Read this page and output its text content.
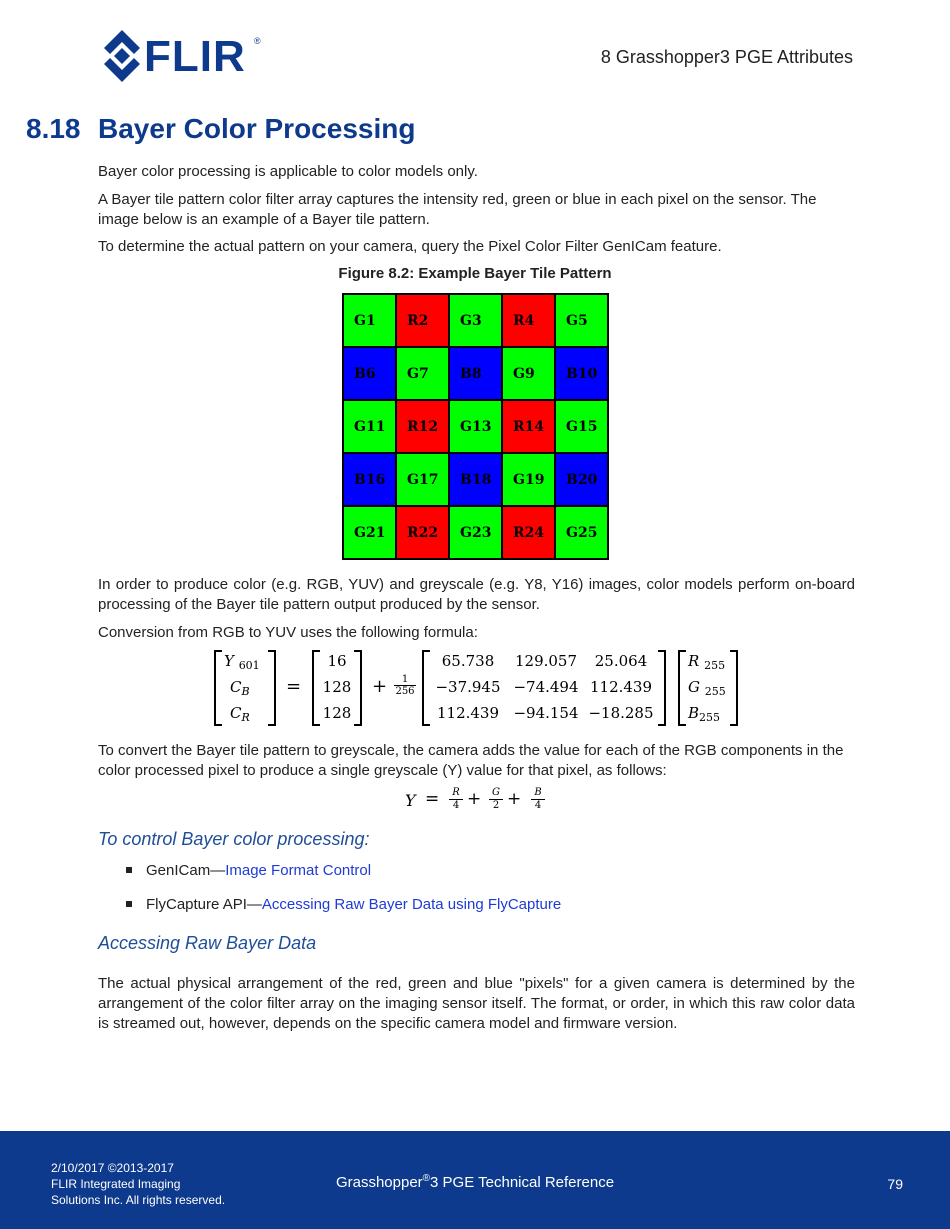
FLIR ®
8 Grasshopper3 PGE Attributes
8.18 Bayer Color Processing
Bayer color processing is applicable to color models only.
A Bayer tile pattern color filter array captures the intensity red, green or blue in each pixel on the sensor. The image below is an example of a Bayer tile pattern.
To determine the actual pattern on your camera, query the Pixel Color Filter GenICam feature.
Figure 8.2: Example Bayer Tile Pattern
G1	R2	G3	R4	G5
B6	G7	B8	G9	B10
G11	R12	G13	R14	G15
B16	G17	B18	G19	B20
G21	R22	G23	R24	G25
In order to produce color (e.g. RGB, YUV) and greyscale (e.g. Y8, Y16) images, color models perform on-board processing of the Bayer tile pattern output produced by the sensor.
Conversion from RGB to YUV uses the following formula:
Y $_{601}$
$C_B$
$C_R$
=
16
128
128
+ $\frac{1}{256}$
65.738	129.057	25.064
−37.945 −74.494 112.439
112.439 −94.154 −18.285
R $_{255}$
G $_{255}$
$B_{255}$
To convert the Bayer tile pattern to greyscale, the camera adds the value for each of the RGB components in the color processed pixel to produce a single greyscale (Y) value for that pixel, as follows:
Y =	R
4 +	G
2 +	B
4
To control Bayer color processing:
GenICam—Image Format Control
FlyCapture API—Accessing Raw Bayer Data using FlyCapture
Accessing Raw Bayer Data
The actual physical arrangement of the red, green and blue "pixels" for a given camera is determined by the arrangement of the color filter array on the imaging sensor itself. The format, or order, in which this raw color data is streamed out, however, depends on the specific camera model and firmware version.
2/10/2017 ©2013-2017
FLIR Integrated Imaging
Solutions Inc. All rights reserved.
Grasshopper®3 PGE Technical Reference	79
